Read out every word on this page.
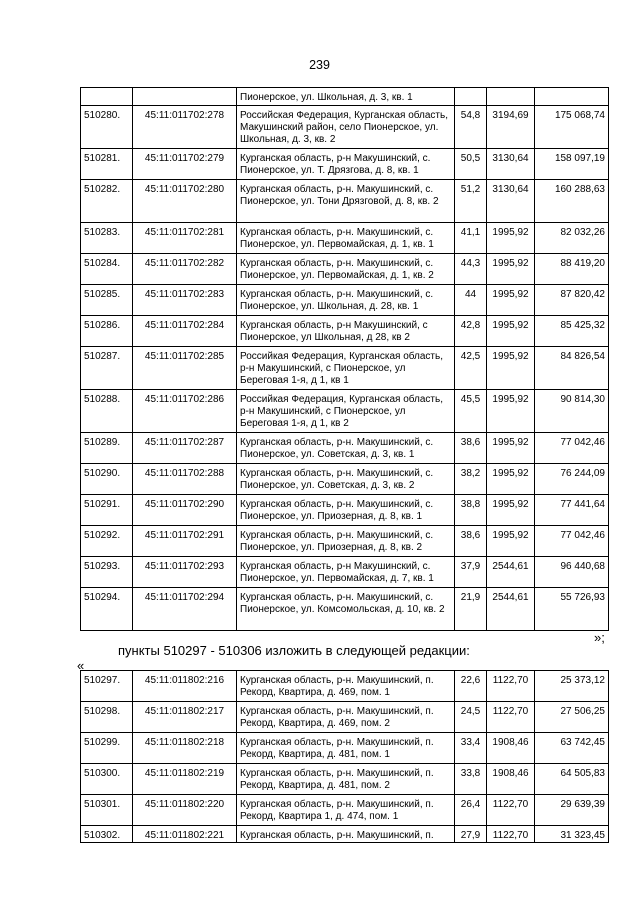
239
		Пионерское, ул. Школьная, д. 3, кв. 1			
510280.	45:11:011702:278	Российская Федерация, Курганская область, Макушинский район, село Пионерское, ул. Школьная, д. 3, кв. 2	54,8	3194,69	175 068,74
510281.	45:11:011702:279	Курганская область, р-н Макушинский, с. Пионерское, ул. Т. Дрязгова, д. 8, кв. 1	50,5	3130,64	158 097,19
510282.	45:11:011702:280	Курганская область, р-н. Макушинский, с. Пионерское, ул. Тони Дрязговой, д. 8, кв. 2	51,2	3130,64	160 288,63
510283.	45:11:011702:281	Курганская область, р-н. Макушинский, с. Пионерское, ул. Первомайская, д. 1, кв. 1	41,1	1995,92	82 032,26
510284.	45:11:011702:282	Курганская область, р-н. Макушинский, с. Пионерское, ул. Первомайская, д. 1, кв. 2	44,3	1995,92	88 419,20
510285.	45:11:011702:283	Курганская область, р-н. Макушинский, с. Пионерское, ул. Школьная, д. 28, кв. 1	44	1995,92	87 820,42
510286.	45:11:011702:284	Курганская область, р-н Макушинский, с Пионерское, ул Школьная, д 28, кв 2	42,8	1995,92	85 425,32
510287.	45:11:011702:285	Российкая Федерация, Курганская область, р-н Макушинский, с Пионерское, ул Береговая 1-я, д 1, кв 1	42,5	1995,92	84 826,54
510288.	45:11:011702:286	Российкая Федерация, Курганская область, р-н Макушинский, с Пионерское, ул Береговая 1-я, д 1, кв 2	45,5	1995,92	90 814,30
510289.	45:11:011702:287	Курганская область, р-н. Макушинский, с. Пионерское, ул. Советская, д. 3, кв. 1	38,6	1995,92	77 042,46
510290.	45:11:011702:288	Курганская область, р-н. Макушинский, с. Пионерское, ул. Советская, д. 3, кв. 2	38,2	1995,92	76 244,09
510291.	45:11:011702:290	Курганская область, р-н. Макушинский, с. Пионерское, ул. Приозерная, д. 8, кв. 1	38,8	1995,92	77 441,64
510292.	45:11:011702:291	Курганская область, р-н. Макушинский, с. Пионерское, ул. Приозерная, д. 8, кв. 2	38,6	1995,92	77 042,46
510293.	45:11:011702:293	Курганская область, р-н Макушинский, с. Пионерское, ул. Первомайская, д. 7, кв. 1	37,9	2544,61	96 440,68
510294.	45:11:011702:294	Курганская область, р-н. Макушинский, с. Пионерское, ул. Комсомольская, д. 10, кв. 2	21,9	2544,61	55 726,93
»;
пункты 510297 - 510306 изложить в следующей редакции:
«
510297.	45:11:011802:216	Курганская область, р-н. Макушинский, п. Рекорд, Квартира, д. 469, пом. 1	22,6	1122,70	25 373,12
510298.	45:11:011802:217	Курганская область, р-н. Макушинский, п. Рекорд, Квартира, д. 469, пом. 2	24,5	1122,70	27 506,25
510299.	45:11:011802:218	Курганская область, р-н. Макушинский, п. Рекорд, Квартира, д. 481, пом. 1	33,4	1908,46	63 742,45
510300.	45:11:011802:219	Курганская область, р-н. Макушинский, п. Рекорд, Квартира, д. 481, пом. 2	33,8	1908,46	64 505,83
510301.	45:11:011802:220	Курганская область, р-н. Макушинский, п. Рекорд, Квартира 1, д. 474, пом. 1	26,4	1122,70	29 639,39
510302.	45:11:011802:221	Курганская область, р-н. Макушинский, п.	27,9	1122,70	31 323,45
